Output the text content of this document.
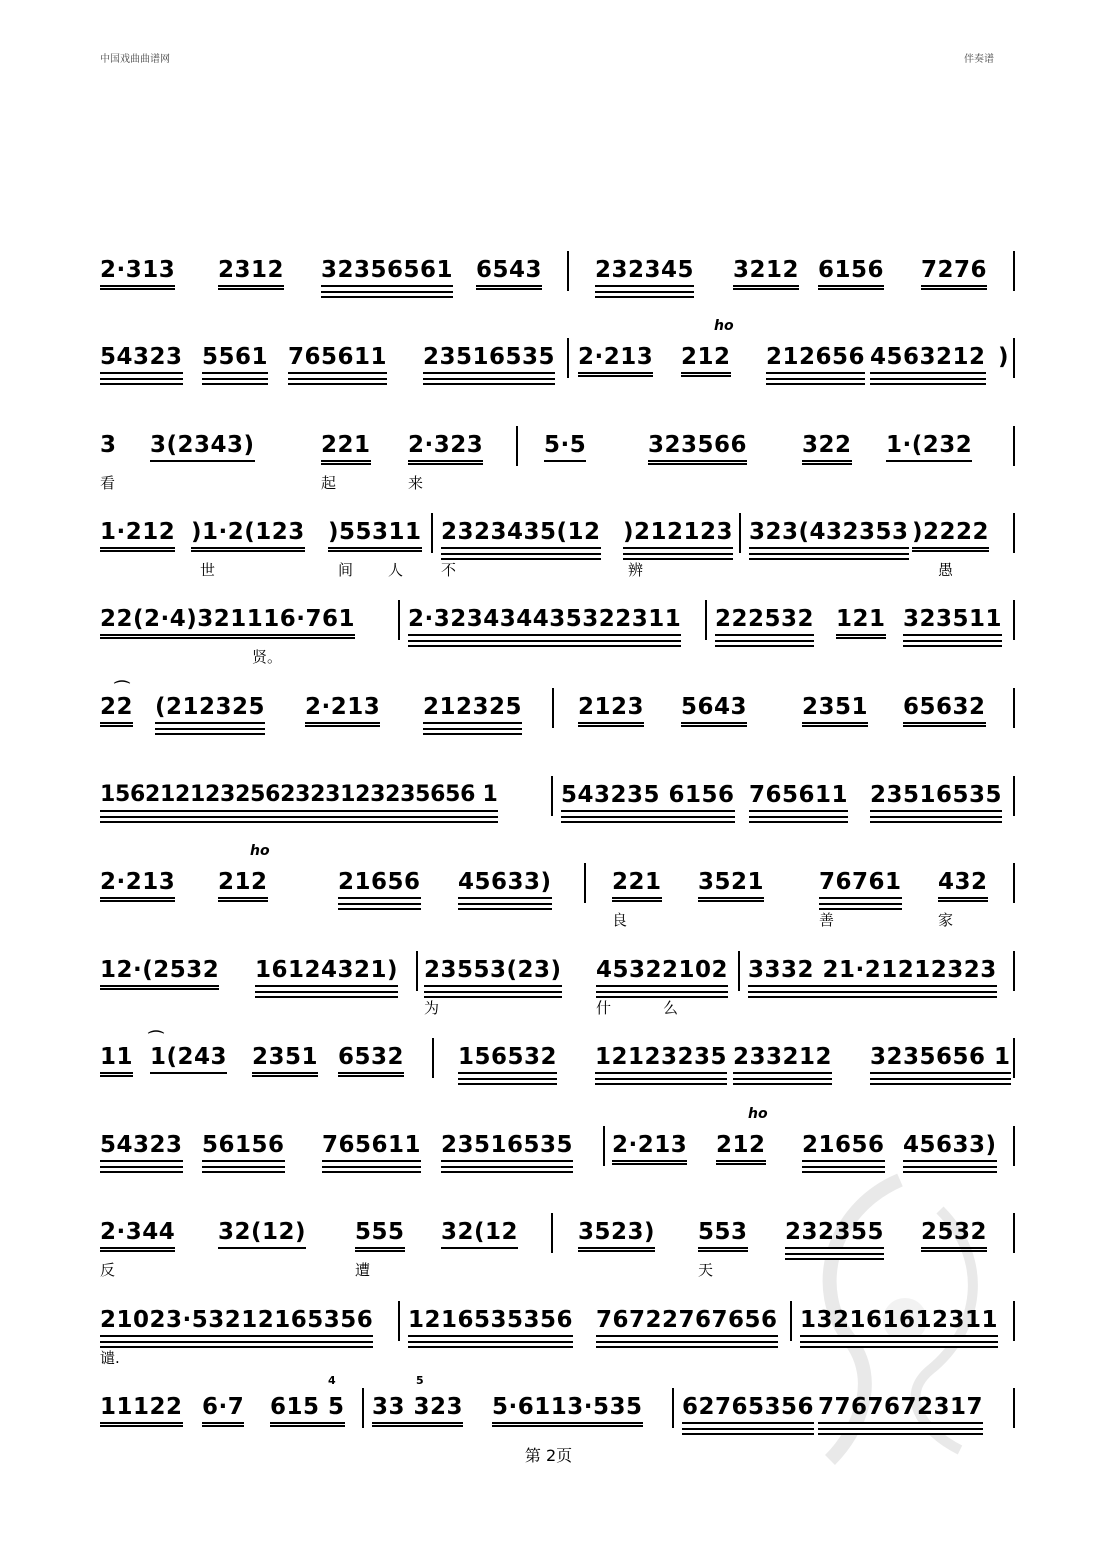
中国戏曲曲谱网	伴奏谱
2·313 2312 32356561 6543 232345 3212 6156 7276
54323 5561 765611 23516535 2·213 212
ho
212656 4563212 )
3 3(2343)	221 2·323	5·5	323566 322 1·(232
看	起	来
1·212 )1·2(123 )55311 2323435(12 )212123 323(432353 )2222
世	间 人	不	辨	愚
22(2·4)321116·761 2·323434435322311 222532 121 323511
贤。
⌒
22 (212325 2·213 212325 2123 5643 2351 65632
1562121232562323123235656 1	543235 6156 765611 23516535
2·213 212
ho
21656 45633)	221 3521 76761 432
良	善	家
12·(2532 16124321) 23553(23) 45322102 3332 21·21212323
为	什	么
11
⌒
1(243 2351 6532 156532 12123235 233212 3235656 1
54323 56156 765611 23516535 2·213 212
ho
21656 45633)
2·344 32(12) 555 32(12	3523) 553 232355 2532
反	遭	天
21023·53212165356 1216535356 76722767656 132161612311
谴.
11122 6·7 615 5
4
33 323
5
5·6113·535 62765356 7767672317
第 2页
